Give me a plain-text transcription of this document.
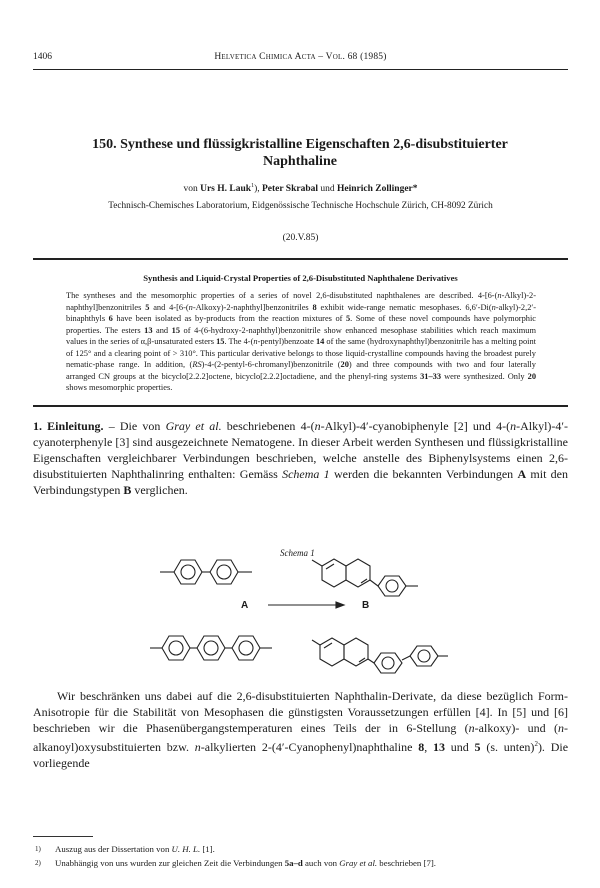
1406	Helvetica Chimica Acta – Vol. 68 (1985)
150. Synthese und flüssigkristalline Eigenschaften 2,6-disubstituierter Naphthaline
von Urs H. Lauk$^1$), Peter Skrabal und Heinrich Zollinger*
Technisch-Chemisches Laboratorium, Eidgenössische Technische Hochschule Zürich, CH-8092 Zürich
(20.V.85)
Synthesis and Liquid-Crystal Properties of 2,6-Disubstituted Naphthalene Derivatives
The syntheses and the mesomorphic properties of a series of novel 2,6-disubstituted naphthalenes are described. 4-[6-(n-Alkyl)-2-naphthyl]benzonitriles 5 and 4-[6-(n-Alkoxy)-2-naphthyl]benzonitriles 8 exhibit wide-range nematic mesophases. 6,6′-Di(n-alkyl)-2,2′-binaphthyls 6 have been isolated as by-products from the reaction mixtures of 5. Some of these novel compounds have polymorphic properties. The esters 13 and 15 of 4-(6-hydroxy-2-naphthyl)benzonitrile show enhanced mesophase stabilities which reach maximum values in the series of α,β-unsaturated esters 15. The 4-(n-pentyl)benzoate 14 of the same (hydroxynaphthyl)benzonitrile has a melting point of 125° and a clearing point of > 310°. This particular derivative belongs to those liquid-crystalline compounds having the broadest purely nematic-phase range. In addition, (RS)-4-(2-pentyl-6-chromanyl)benzonitrile (20) and three compounds with two and four laterally arranged CN groups at the bicyclo[2.2.2]octene, bicyclo[2.2.2]octadiene, and the phenyl-ring systems 31–33 were synthesized. Only 20 shows mesomorphic properties.
1. Einleitung. – Die von Gray et al. beschriebenen 4-(n-Alkyl)-4′-cyanobiphenyle [2] und 4-(n-Alkyl)-4′-cyanoterphenyle [3] sind ausgezeichnete Nematogene. In dieser Arbeit werden Synthesen und flüssigkristalline Eigenschaften vergleichbarer Verbindungen beschrieben, welche anstelle des Biphenylsystems einen 2,6-disubstituierten Naphthalinring enthalten: Gemäss Schema 1 werden die bekannten Verbindungen A mit den Verbindungstypen B verglichen.
Schema 1
A	B
Wir beschränken uns dabei auf die 2,6-disubstituierten Naphthalin-Derivate, da diese bezüglich Form-Anisotropie für die Stabilität von Mesophasen die günstigsten Voraussetzungen erfüllen [4]. In [5] und [6] beschrieben wir die Phasenübergangstemperaturen eines Teils der in 6-Stellung (n-alkoxy)- und (n-alkanoyl)oxysubstituierten bzw. n-alkylierten 2-(4′-Cyanophenyl)naphthaline 8, 13 und 5 (s. unten)$^2$). Die vorliegende
1) Auszug aus der Dissertation von U. H. L. [1].
2) Unabhängig von uns wurden zur gleichen Zeit die Verbindungen 5a–d auch von Gray et al. beschrieben [7].
